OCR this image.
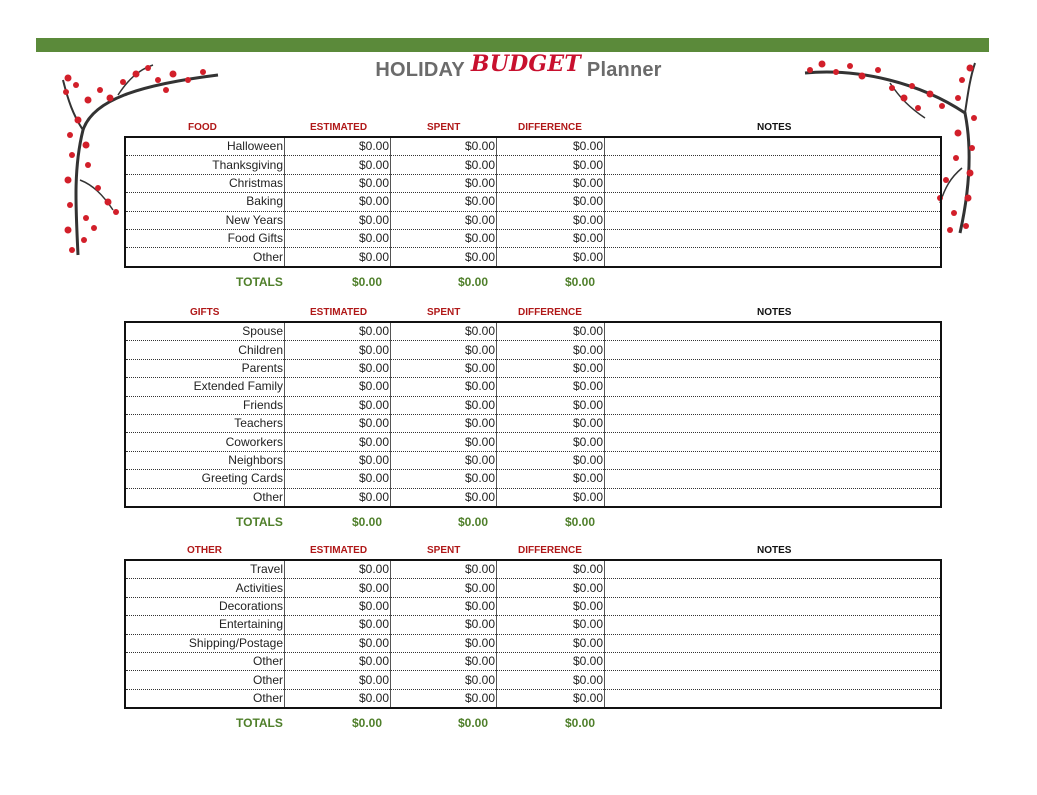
HOLIDAY BUDGET Planner
FOOD	ESTIMATED	SPENT	DIFFERENCE	NOTES
Halloween	$0.00	$0.00	$0.00	
Thanksgiving	$0.00	$0.00	$0.00	
Christmas	$0.00	$0.00	$0.00	
Baking	$0.00	$0.00	$0.00	
New Years	$0.00	$0.00	$0.00	
Food Gifts	$0.00	$0.00	$0.00	
Other	$0.00	$0.00	$0.00	
TOTALS	$0.00	$0.00	$0.00
GIFTS	ESTIMATED	SPENT	DIFFERENCE	NOTES
Spouse	$0.00	$0.00	$0.00	
Children	$0.00	$0.00	$0.00	
Parents	$0.00	$0.00	$0.00	
Extended Family	$0.00	$0.00	$0.00	
Friends	$0.00	$0.00	$0.00	
Teachers	$0.00	$0.00	$0.00	
Coworkers	$0.00	$0.00	$0.00	
Neighbors	$0.00	$0.00	$0.00	
Greeting Cards	$0.00	$0.00	$0.00	
Other	$0.00	$0.00	$0.00	
TOTALS	$0.00	$0.00	$0.00
OTHER	ESTIMATED	SPENT	DIFFERENCE	NOTES
Travel	$0.00	$0.00	$0.00	
Activities	$0.00	$0.00	$0.00	
Decorations	$0.00	$0.00	$0.00	
Entertaining	$0.00	$0.00	$0.00	
Shipping/Postage	$0.00	$0.00	$0.00	
Other	$0.00	$0.00	$0.00	
Other	$0.00	$0.00	$0.00	
Other	$0.00	$0.00	$0.00	
TOTALS	$0.00	$0.00	$0.00
